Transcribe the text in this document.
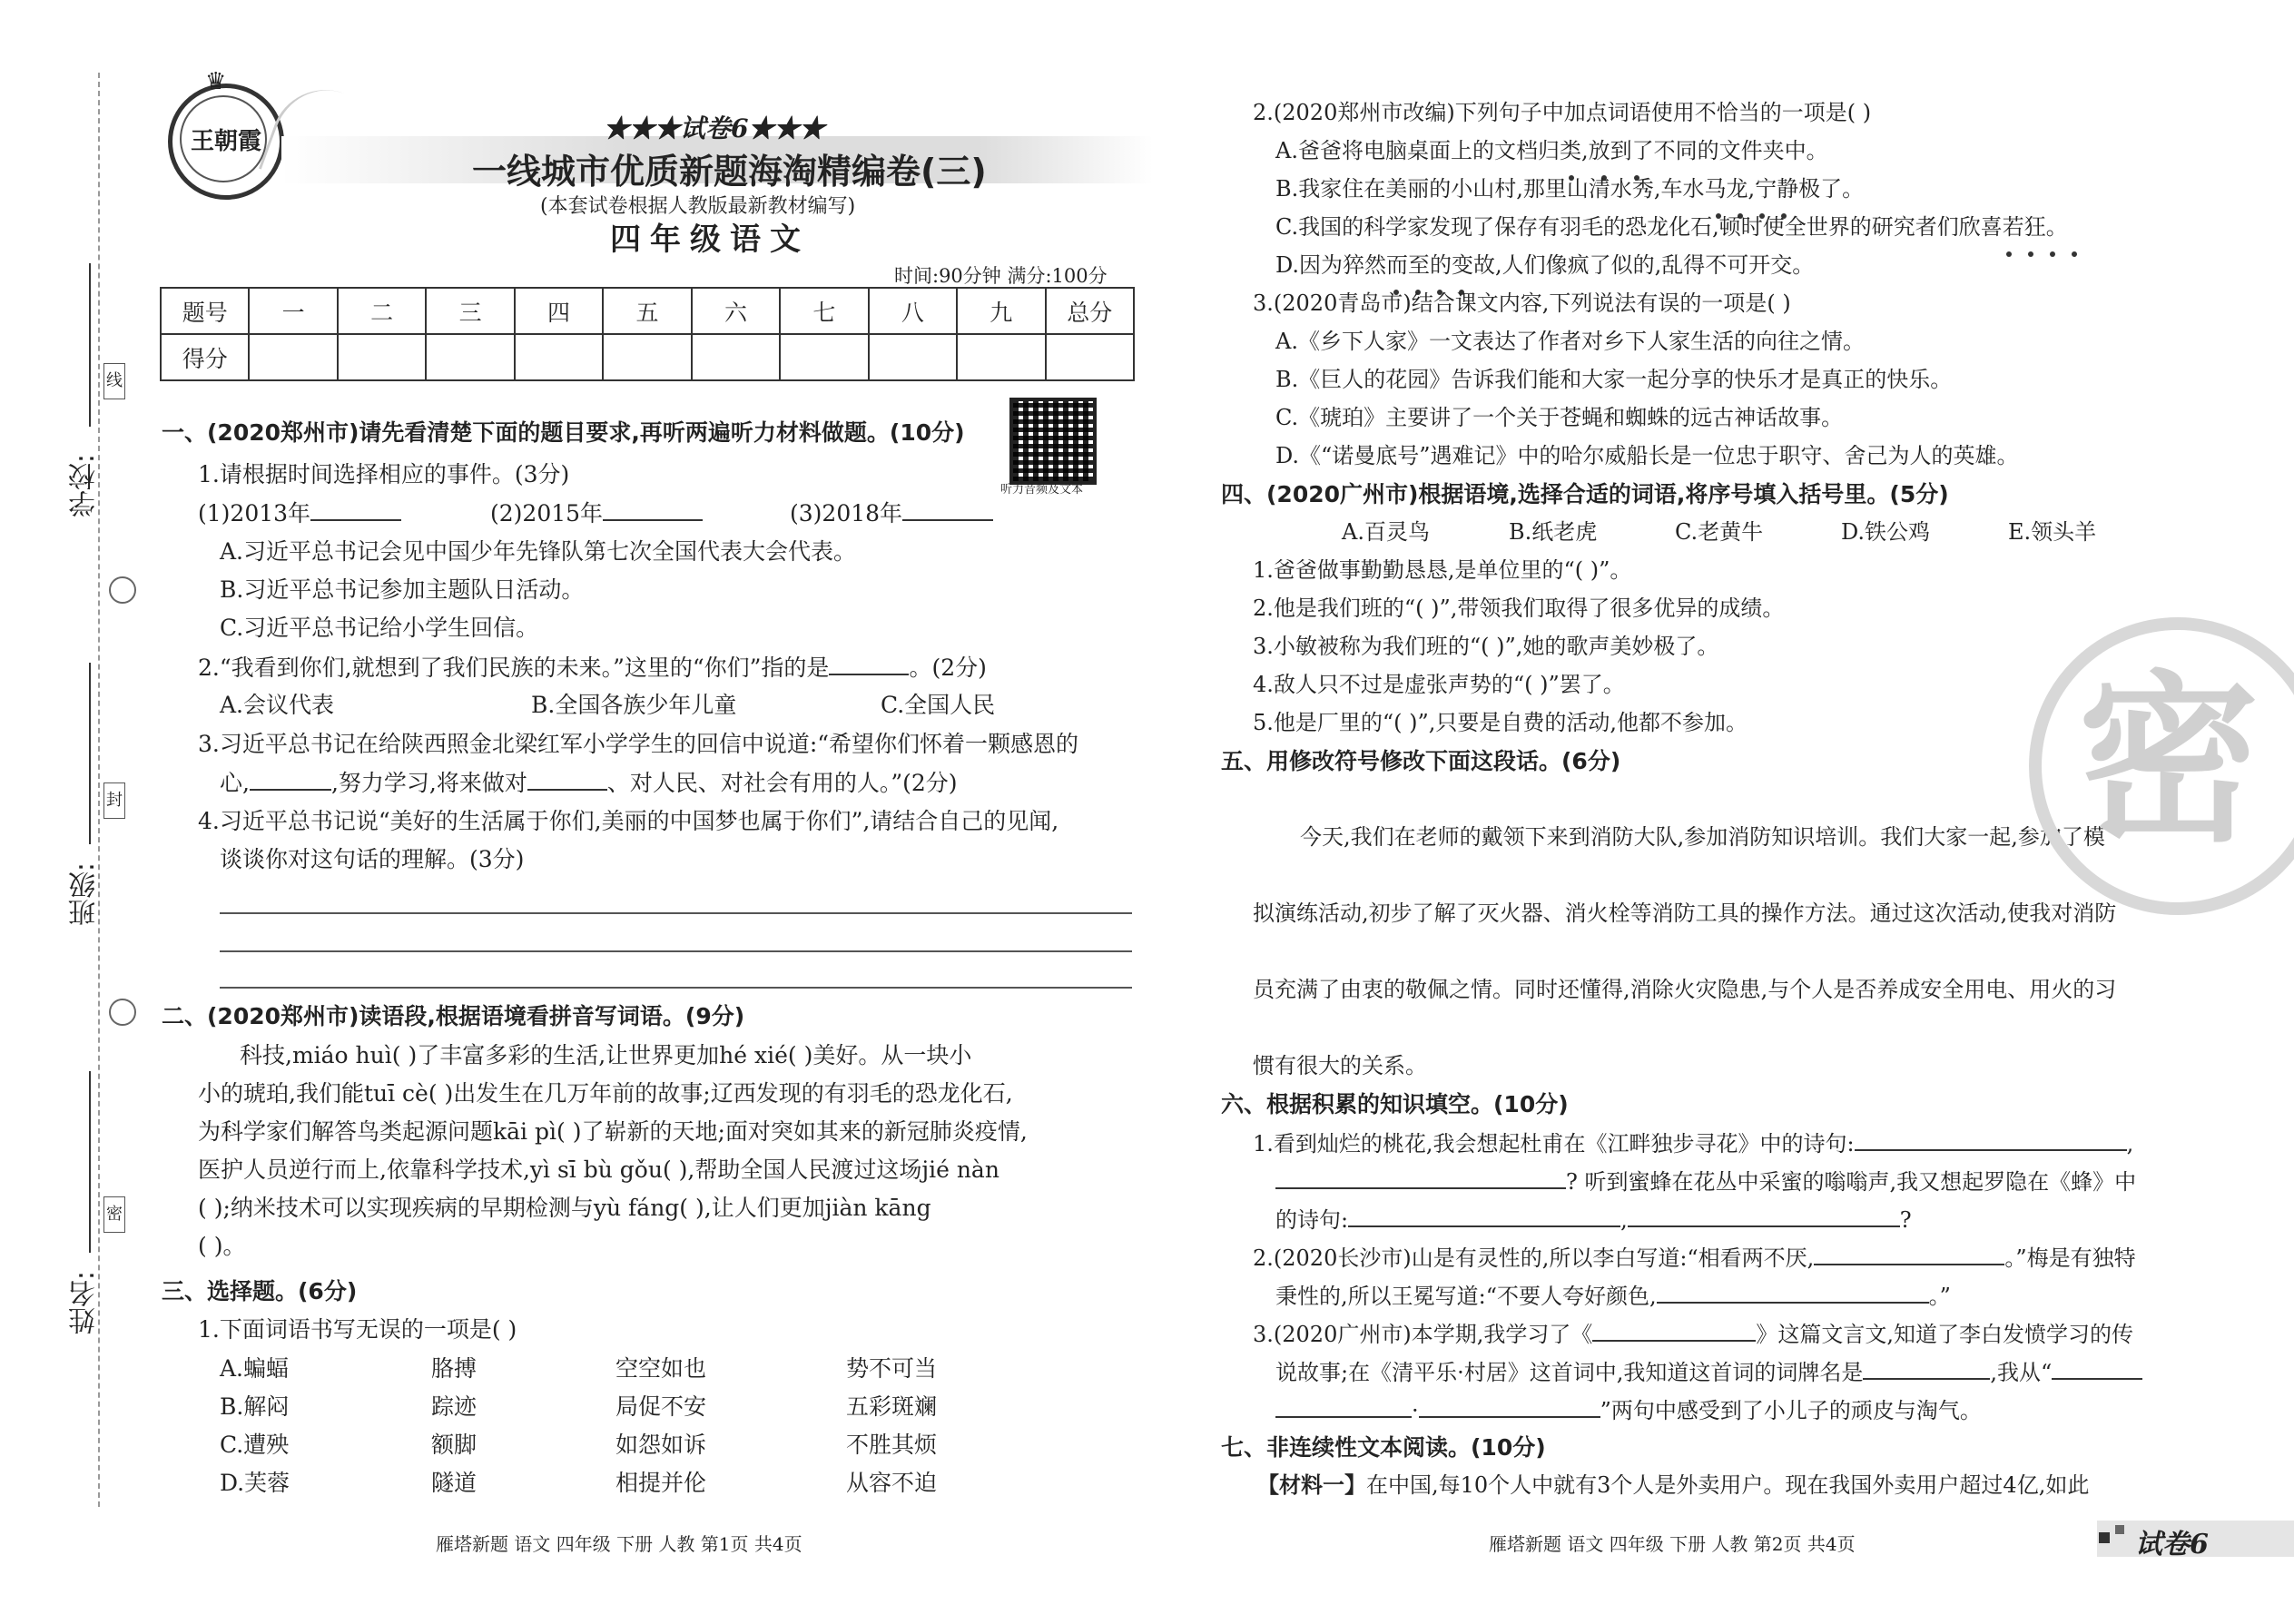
学校:
班级:
姓名:
线
封
密
王朝霞
♛
★★★试卷6★★★
一线城市优质新题海淘精编卷(三)
(本套试卷根据人教版最新教材编写)
四年级语文
时间:90分钟 满分:100分
题号	一	二	三	四	五	六	七	八	九	总分
得分										
听力音频及文本
一、(2020郑州市)请先看清楚下面的题目要求,再听两遍听力材料做题。(10分)
1.请根据时间选择相应的事件。(3分)
(1)2013年	(2)2015年	(3)2018年
A.习近平总书记会见中国少年先锋队第七次全国代表大会代表。
B.习近平总书记参加主题队日活动。
C.习近平总书记给小学生回信。
2.“我看到你们,就想到了我们民族的未来。”这里的“你们”指的是	。(2分)
A.会议代表	B.全国各族少年儿童	C.全国人民
3.习近平总书记在给陕西照金北梁红军小学学生的回信中说道:“希望你们怀着一颗感恩的
心,	,努力学习,将来做对	、对人民、对社会有用的人。”(2分)
4.习近平总书记说“美好的生活属于你们,美丽的中国梦也属于你们”,请结合自己的见闻,
谈谈你对这句话的理解。(3分)
二、(2020郑州市)读语段,根据语境看拼音写词语。(9分)
科技,miáo huì( )了丰富多彩的生活,让世界更加hé xié( )美好。从一块小
小的琥珀,我们能tuī cè( )出发生在几万年前的故事;辽西发现的有羽毛的恐龙化石,
为科学家们解答鸟类起源问题kāi pì( )了崭新的天地;面对突如其来的新冠肺炎疫情,
医护人员逆行而上,依靠科学技术,yì sī bù gǒu( ),帮助全国人民渡过这场jié nàn
( );纳米技术可以实现疾病的早期检测与yù fáng( ),让人们更加jiàn kāng
( )。
三、选择题。(6分)
1.下面词语书写无误的一项是( )
A.蝙蝠	胳搏	空空如也	势不可当
B.解闷	踪迹	局促不安	五彩斑斓
C.遭殃	额脚	如怨如诉	不胜其烦
D.芙蓉	隧道	相提并伦	从容不迫
雁塔新题 语文 四年级 下册 人教 第1页 共4页
2.(2020郑州市改编)下列句子中加点词语使用不恰当的一项是( )
A.爸爸将电脑桌面上的文档归类,放到了不同的文件夹中。
B.我家住在美丽的小山村,那里山清水秀,车水马龙,宁静极了。
C.我国的科学家发现了保存有羽毛的恐龙化石,顿时使全世界的研究者们欣喜若狂。
D.因为猝然而至的变故,人们像疯了似的,乱得不可开交。
3.(2020青岛市)结合课文内容,下列说法有误的一项是( )
A.《乡下人家》一文表达了作者对乡下人家生活的向往之情。
B.《巨人的花园》告诉我们能和大家一起分享的快乐才是真正的快乐。
C.《琥珀》主要讲了一个关于苍蝇和蜘蛛的远古神话故事。
D.《“诺曼底号”遇难记》中的哈尔威船长是一位忠于职守、舍己为人的英雄。
四、(2020广州市)根据语境,选择合适的词语,将序号填入括号里。(5分)
A.百灵鸟	B.纸老虎	C.老黄牛	D.铁公鸡	E.领头羊
1.爸爸做事勤勤恳恳,是单位里的“( )”。
2.他是我们班的“( )”,带领我们取得了很多优异的成绩。
3.小敏被称为我们班的“( )”,她的歌声美妙极了。
4.敌人只不过是虚张声势的“( )”罢了。
5.他是厂里的“( )”,只要是自费的活动,他都不参加。
五、用修改符号修改下面这段话。(6分)
今天,我们在老师的戴领下来到消防大队,参加消防知识培训。我们大家一起,参加了模
拟演练活动,初步了解了灭火器、消火栓等消防工具的操作方法。通过这次活动,使我对消防
员充满了由衷的敬佩之情。同时还懂得,消除火灾隐患,与个人是否养成安全用电、用火的习
惯有很大的关系。
六、根据积累的知识填空。(10分)
1.看到灿烂的桃花,我会想起杜甫在《江畔独步寻花》中的诗句:	,
? 听到蜜蜂在花丛中采蜜的嗡嗡声,我又想起罗隐在《蜂》中
的诗句:	,	?
2.(2020长沙市)山是有灵性的,所以李白写道:“相看两不厌,	。”梅是有独特
秉性的,所以王冕写道:“不要人夸好颜色,	。”
3.(2020广州市)本学期,我学习了《	》这篇文言文,知道了李白发愤学习的传
说故事;在《清平乐·村居》这首词中,我知道这首词的词牌名是	,我从“
·	”两句中感受到了小儿子的顽皮与淘气。
七、非连续性文本阅读。(10分)
【材料一】在中国,每10个人中就有3个人是外卖用户。现在我国外卖用户超过4亿,如此
雁塔新题 语文 四年级 下册 人教 第2页 共4页	试卷6
密
